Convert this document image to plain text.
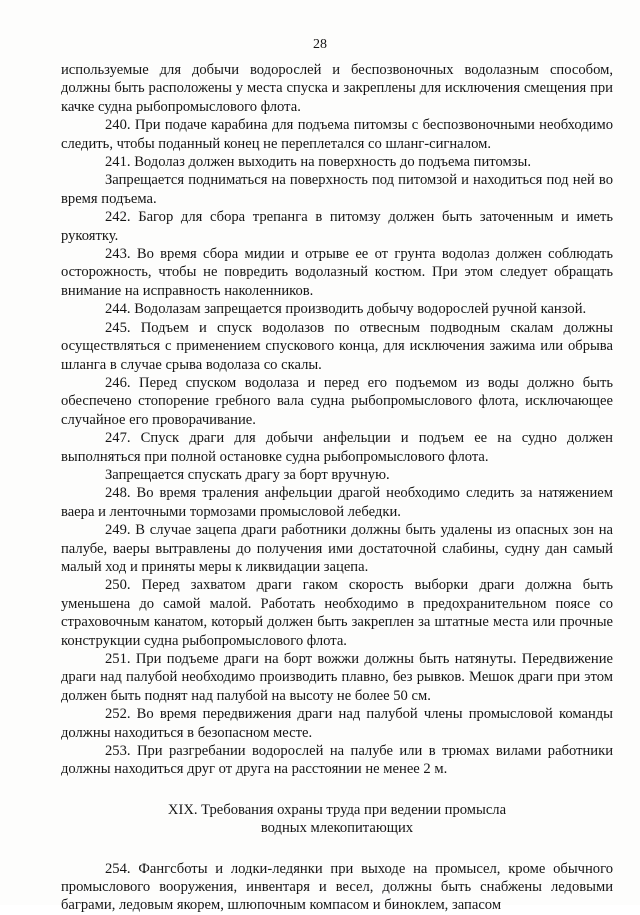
28

используемые для добычи водорослей и беспозвоночных водолазным способом, должны быть расположены у места спуска и закреплены для исключения смещения при качке судна рыбопромыслового флота.

240. При подаче карабина для подъема питомзы с беспозвоночными необходимо следить, чтобы поданный конец не переплетался со шланг-сигналом.

241. Водолаз должен выходить на поверхность до подъема питомзы.

Запрещается подниматься на поверхность под питомзой и находиться под ней во время подъема.

242. Багор для сбора трепанга в питомзу должен быть заточенным и иметь рукоятку.

243. Во время сбора мидии и отрыве ее от грунта водолаз должен соблюдать осторожность, чтобы не повредить водолазный костюм. При этом следует обращать внимание на исправность наколенников.

244. Водолазам запрещается производить добычу водорослей ручной канзой.

245. Подъем и спуск водолазов по отвесным подводным скалам должны осуществляться с применением спускового конца, для исключения зажима или обрыва шланга в случае срыва водолаза со скалы.

246. Перед спуском водолаза и перед его подъемом из воды должно быть обеспечено стопорение гребного вала судна рыбопромыслового флота, исключающее случайное его проворачивание.

247. Спуск драги для добычи анфельции и подъем ее на судно должен выполняться при полной остановке судна рыбопромыслового флота.

Запрещается спускать драгу за борт вручную.

248. Во время траления анфельции драгой необходимо следить за натяжением ваера и ленточными тормозами промысловой лебедки.

249. В случае зацепа драги работники должны быть удалены из опасных зон на палубе, ваеры вытравлены до получения ими достаточной слабины, судну дан самый малый ход и приняты меры к ликвидации зацепа.

250. Перед захватом драги гаком скорость выборки драги должна быть уменьшена до самой малой. Работать необходимо в предохранительном поясе со страховочным канатом, который должен быть закреплен за штатные места или прочные конструкции судна рыбопромыслового флота.

251. При подъеме драги на борт вожжи должны быть натянуты. Передвижение драги над палубой необходимо производить плавно, без рывков. Мешок драги при этом должен быть поднят над палубой на высоту не более 50 см.

252. Во время передвижения драги над палубой члены промысловой команды должны находиться в безопасном месте.

253. При разгребании водорослей на палубе или в трюмах вилами работники должны находиться друг от друга на расстоянии не менее 2 м.

XIX. Требования охраны труда при ведении промысла
водных млекопитающих

254. Фангсботы и лодки-ледянки при выходе на промысел, кроме обычного промыслового вооружения, инвентаря и весел, должны быть снабжены ледовыми баграми, ледовым якорем, шлюпочным компасом и биноклем, запасом
